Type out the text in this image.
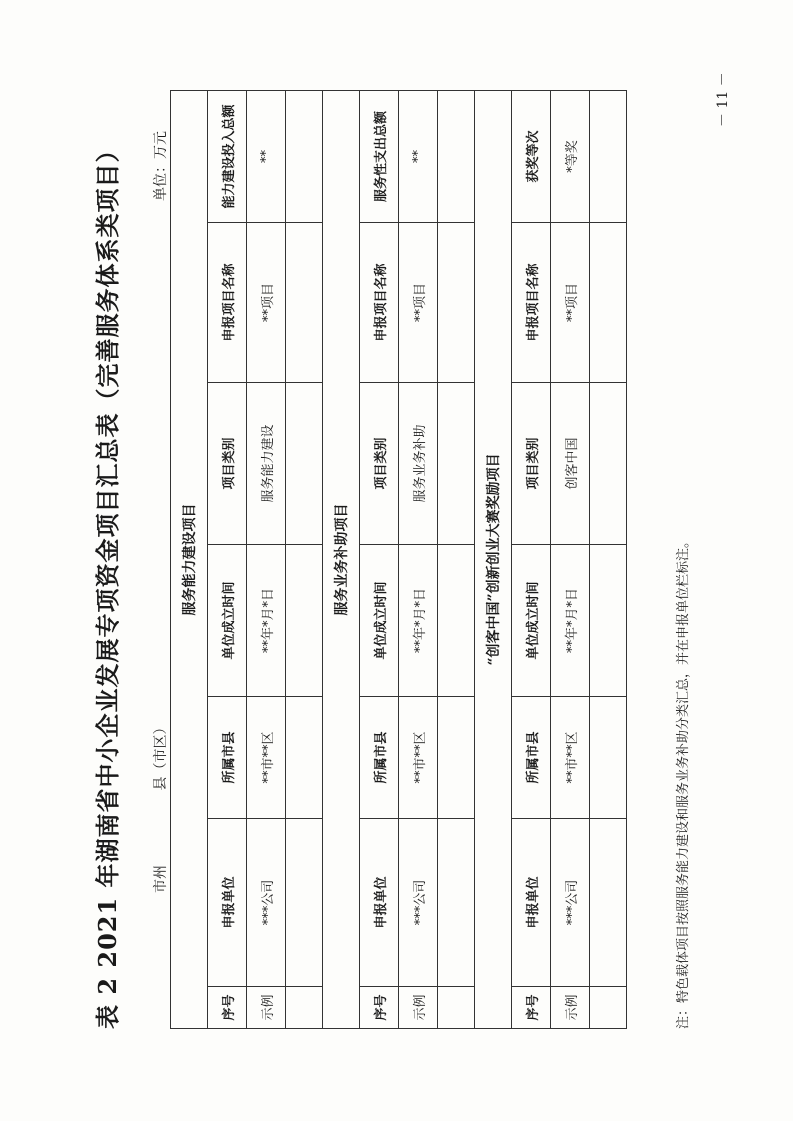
表 2 2021 年湖南省中小企业发展专项资金项目汇总表（完善服务体系类项目） 市州 县（市区）
单位：万元
服务能力建设项目						
序号	申报单位	所属市县	单位成立时间	项目类别	申报项目名称	能力建设投入总额
示例	***公司	**市**区	**年*月*日	服务能力建设	**项目	**

服务业务补助项目						
序号	申报单位	所属市县	单位成立时间	项目类别	申报项目名称	服务性支出总额
示例	***公司	**市**区	**年*月*日	服务业务补助	**项目	**

“创客中国”创新创业大赛奖励项目						
序号	申报单位	所属市县	单位成立时间	项目类别	申报项目名称	获奖等次
示例	***公司	**市**区	**年*月*日	创客中国	**项目	*等奖

注：特色载体项目按照服务能力建设和服务业务补助分类汇总，并在申报单位栏标注。
－ 11 －
